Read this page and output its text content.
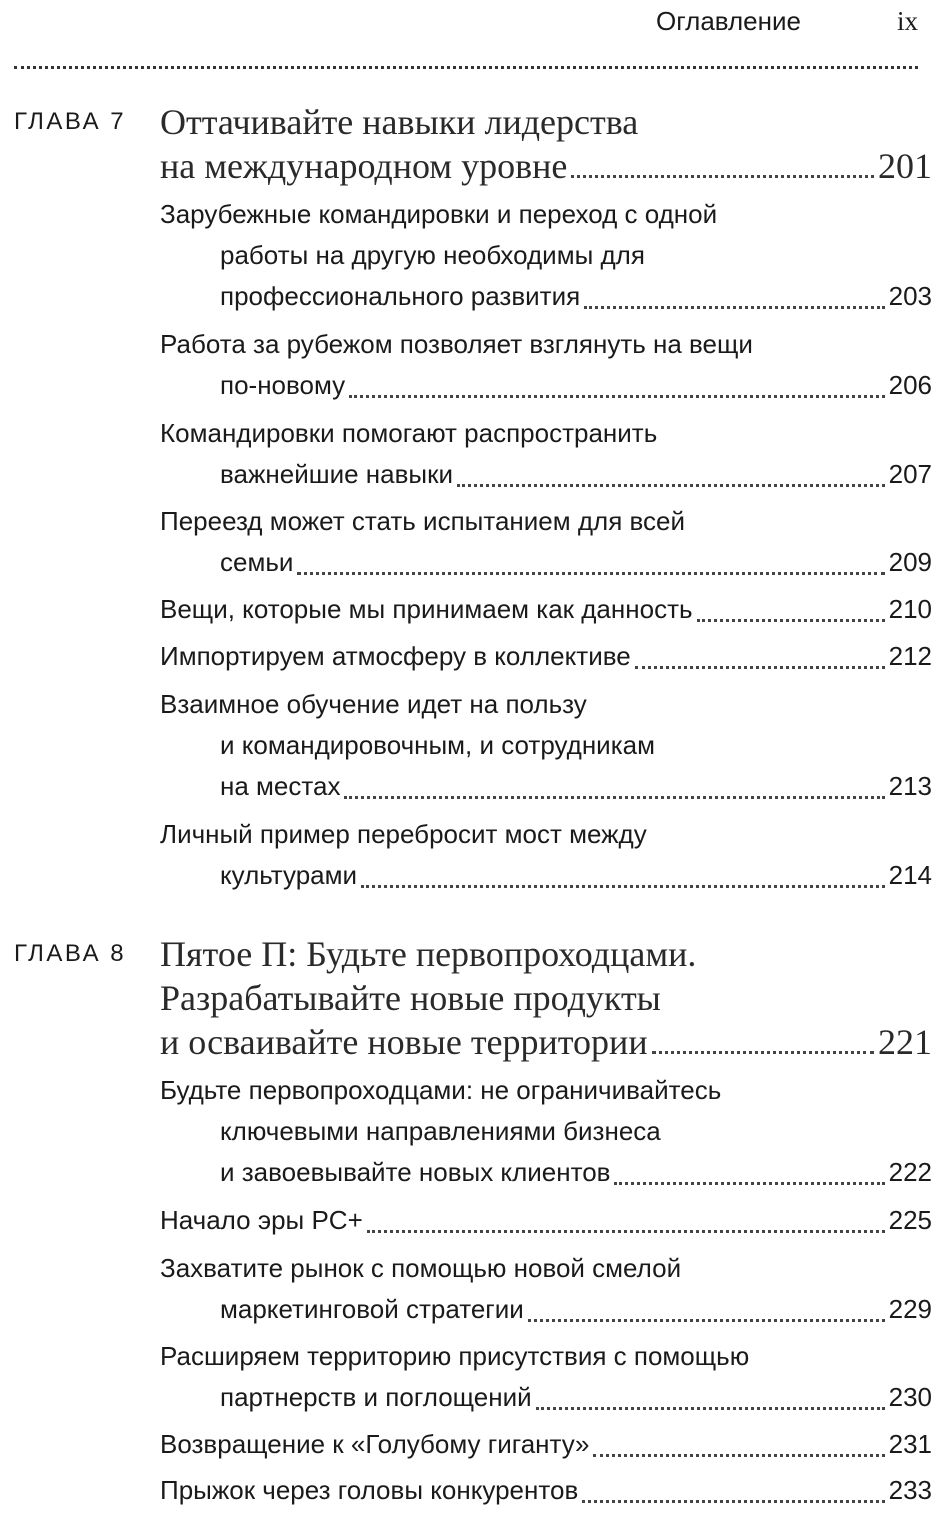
Оглавление	ix
ГЛАВА 7 Оттачивайте навыки лидерства
на международном уровне	201
Зарубежные командировки и переход с одной
работы на другую необходимы для
профессионального развития	203
Работа за рубежом позволяет взглянуть на вещи
по-новому	206
Командировки помогают распространить
важнейшие навыки	207
Переезд может стать испытанием для всей
семьи	209
Вещи, которые мы принимаем как данность	210
Импортируем атмосферу в коллективе	212
Взаимное обучение идет на пользу
и командировочным, и сотрудникам
на местах	213
Личный пример перебросит мост между
культурами	214
ГЛАВА 8 Пятое П: Будьте первопроходцами.
Разрабатывайте новые продукты
и осваивайте новые территории	221
Будьте первопроходцами: не ограничивайтесь
ключевыми направлениями бизнеса
и завоевывайте новых клиентов	222
Начало эры PC+	225
Захватите рынок с помощью новой смелой
маркетинговой стратегии	229
Расширяем территорию присутствия с помощью
партнерств и поглощений	230
Возвращение к «Голубому гиганту»	231
Прыжок через головы конкурентов	233
